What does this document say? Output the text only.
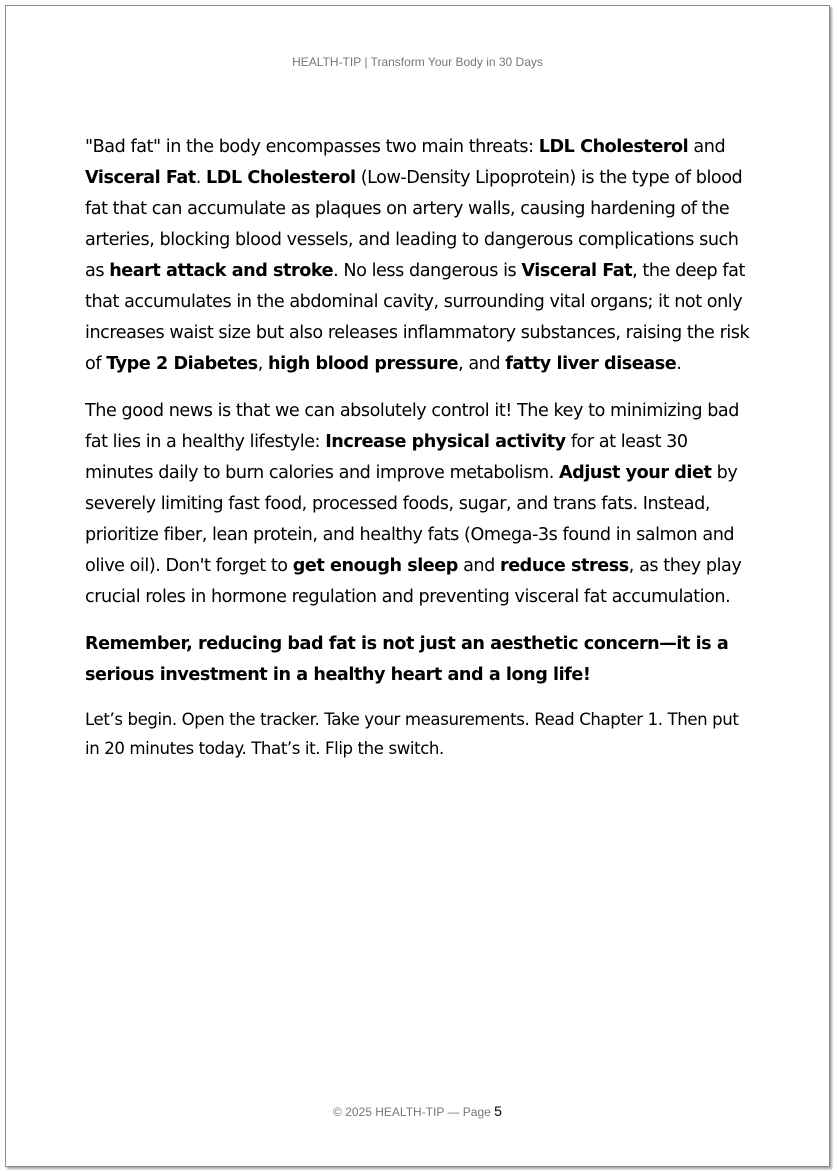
HEALTH-TIP | Transform Your Body in 30 Days

"Bad fat" in the body encompasses two main threats: LDL Cholesterol and Visceral Fat. LDL Cholesterol (Low-Density Lipoprotein) is the type of blood fat that can accumulate as plaques on artery walls, causing hardening of the arteries, blocking blood vessels, and leading to dangerous complications such as heart attack and stroke. No less dangerous is Visceral Fat, the deep fat that accumulates in the abdominal cavity, surrounding vital organs; it not only increases waist size but also releases inflammatory substances, raising the risk of Type 2 Diabetes, high blood pressure, and fatty liver disease.

The good news is that we can absolutely control it! The key to minimizing bad fat lies in a healthy lifestyle: Increase physical activity for at least 30 minutes daily to burn calories and improve metabolism. Adjust your diet by severely limiting fast food, processed foods, sugar, and trans fats. Instead, prioritize fiber, lean protein, and healthy fats (Omega-3s found in salmon and olive oil). Don't forget to get enough sleep and reduce stress, as they play crucial roles in hormone regulation and preventing visceral fat accumulation.

Remember, reducing bad fat is not just an aesthetic concern—it is a serious investment in a healthy heart and a long life!

Let’s begin. Open the tracker. Take your measurements. Read Chapter 1. Then put in 20 minutes today. That’s it. Flip the switch.

© 2025 HEALTH-TIP — Page 5
